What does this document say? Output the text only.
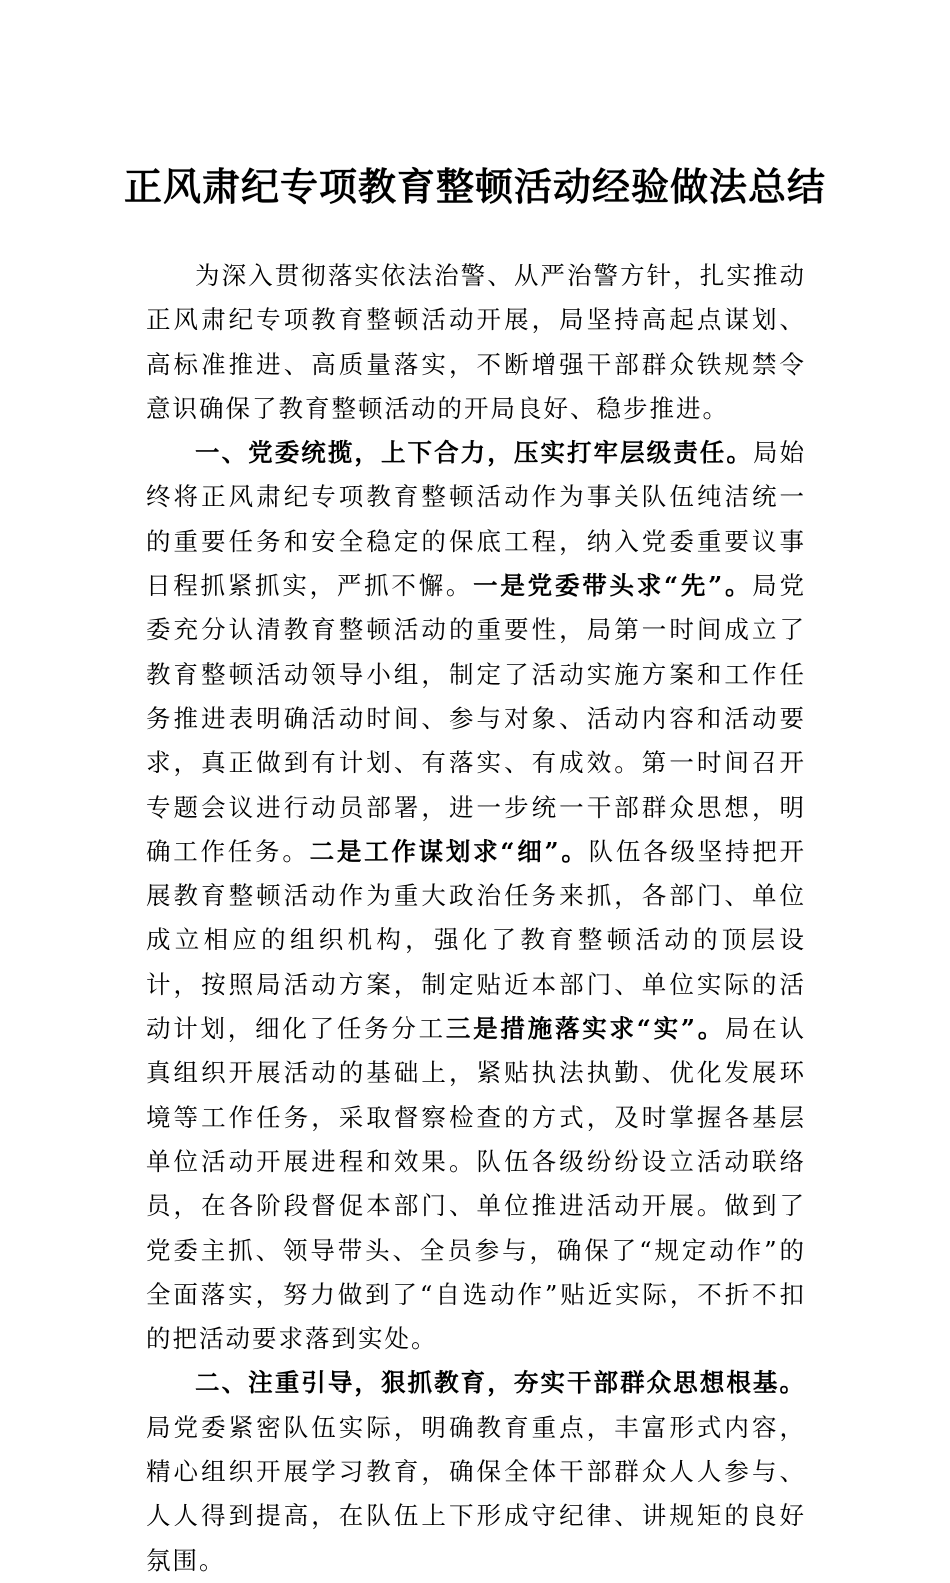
正风肃纪专项教育整顿活动经验做法总结

为深入贯彻落实依法治警、从严治警方针，扎实推动正风肃纪专项教育整顿活动开展，局坚持高起点谋划、高标准推进、高质量落实，不断增强干部群众铁规禁令意识确保了教育整顿活动的开局良好、稳步推进。

一、党委统揽，上下合力，压实打牢层级责任。局始终将正风肃纪专项教育整顿活动作为事关队伍纯洁统一的重要任务和安全稳定的保底工程，纳入党委重要议事日程抓紧抓实，严抓不懈。一是党委带头求“先”。局党委充分认清教育整顿活动的重要性，局第一时间成立了教育整顿活动领导小组，制定了活动实施方案和工作任务推进表明确活动时间、参与对象、活动内容和活动要求，真正做到有计划、有落实、有成效。第一时间召开专题会议进行动员部署，进一步统一干部群众思想，明确工作任务。二是工作谋划求“细”。队伍各级坚持把开展教育整顿活动作为重大政治任务来抓，各部门、单位成立相应的组织机构，强化了教育整顿活动的顶层设计，按照局活动方案，制定贴近本部门、单位实际的活动计划，细化了任务分工三是措施落实求“实”。局在认真组织开展活动的基础上，紧贴执法执勤、优化发展环境等工作任务，采取督察检查的方式，及时掌握各基层单位活动开展进程和效果。队伍各级纷纷设立活动联络员，在各阶段督促本部门、单位推进活动开展。做到了党委主抓、领导带头、全员参与，确保了“规定动作”的全面落实，努力做到了“自选动作”贴近实际，不折不扣的把活动要求落到实处。

二、注重引导，狠抓教育，夯实干部群众思想根基。局党委紧密队伍实际，明确教育重点，丰富形式内容，精心组织开展学习教育，确保全体干部群众人人参与、人人得到提高，在队伍上下形成守纪律、讲规矩的良好氛围。
